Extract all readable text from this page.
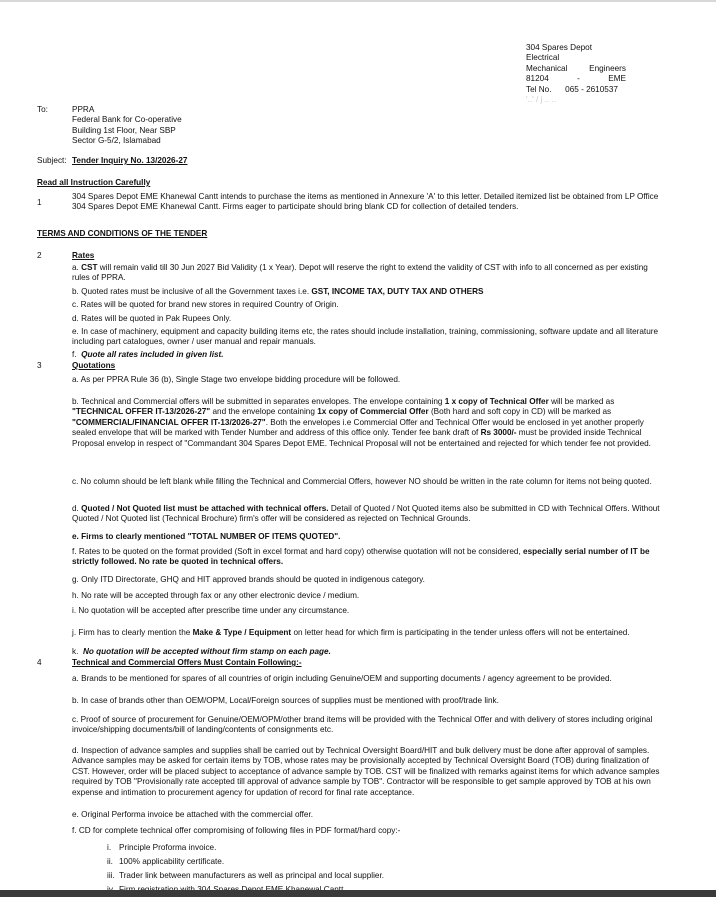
304 Spares Depot Electrical
Mechanical	Engineers
81204	-	EME
Tel No. 065 - 2610537
'..' / j .. ..
To:	PPRA
Federal Bank for Co-operative
Building 1st Floor, Near SBP
Sector G-5/2, Islamabad
Subject: Tender Inquiry No. 13/2026-27
Read all Instruction Carefully
1
304 Spares Depot EME Khanewal Cantt intends to purchase the items as mentioned in Annexure 'A' to this letter. Detailed itemized list be obtained from LP Office 304 Spares Depot EME Khanewal Cantt. Firms eager to participate should bring blank CD for collection of detailed tenders.
TERMS AND CONDITIONS OF THE TENDER
2	Rates
a. CST will remain valid till 30 Jun 2027 Bid Validity (1 x Year). Depot will reserve the right to extend the validity of CST with info to all concerned as per existing rules of PPRA.
b. Quoted rates must be inclusive of all the Government taxes i.e. GST, INCOME TAX, DUTY TAX AND OTHERS
c. Rates will be quoted for brand new stores in required Country of Origin.
d. Rates will be quoted in Pak Rupees Only.
e. In case of machinery, equipment and capacity building items etc, the rates should include installation, training, commissioning, software update and all literature including part catalogues, owner / user manual and repair manuals.
f. Quote all rates included in given list.
3	Quotations
a. As per PPRA Rule 36 (b), Single Stage two envelope bidding procedure will be followed.
b. Technical and Commercial offers will be submitted in separates envelopes. The envelope containing 1 x copy of Technical Offer will be marked as "TECHNICAL OFFER IT-13/2026-27" and the envelope containing 1x copy of Commercial Offer (Both hard and soft copy in CD) will be marked as "COMMERCIAL/FINANCIAL OFFER IT-13/2026-27". Both the envelopes i.e Commercial Offer and Technical Offer would be enclosed in yet another properly sealed envelope that will be marked with Tender Number and address of this office only. Tender fee bank draft of Rs 3000/- must be provided inside Technical Proposal envelop in respect of "Commandant 304 Spares Depot EME. Technical Proposal will not be entertained and rejected for which tender fee not provided.
c. No column should be left blank while filling the Technical and Commercial Offers, however NO should be written in the rate column for items not being quoted.
d. Quoted / Not Quoted list must be attached with technical offers. Detail of Quoted / Not Quoted items also be submitted in CD with Technical Offers. Without Quoted / Not Quoted list (Technical Brochure) firm's offer will be considered as rejected on Technical Grounds.
e. Firms to clearly mentioned "TOTAL NUMBER OF ITEMS QUOTED".
f. Rates to be quoted on the format provided (Soft in excel format and hard copy) otherwise quotation will not be considered, especially serial number of IT be strictly followed. No rate be quoted in technical offers.
g. Only ITD Directorate, GHQ and HIT approved brands should be quoted in indigenous category.
h. No rate will be accepted through fax or any other electronic device / medium.
i. No quotation will be accepted after prescribe time under any circumstance.
j. Firm has to clearly mention the Make & Type / Equipment on letter head for which firm is participating in the tender unless offers will not be entertained.
k. No quotation will be accepted without firm stamp on each page.
4	Technical and Commercial Offers Must Contain Following:-
a. Brands to be mentioned for spares of all countries of origin including Genuine/OEM and supporting documents / agency agreement to be provided.
b. In case of brands other than OEM/OPM, Local/Foreign sources of supplies must be mentioned with proof/trade link.
c. Proof of source of procurement for Genuine/OEM/OPM/other brand items will be provided with the Technical Offer and with delivery of stores including original invoice/shipping documents/bill of landing/contents of consignments etc.
d. Inspection of advance samples and supplies shall be carried out by Technical Oversight Board/HIT and bulk delivery must be done after approval of samples. Advance samples may be asked for certain items by TOB, whose rates may be provisionally accepted by Technical Oversight Board (TOB) during finalization of CST. However, order will be placed subject to acceptance of advance sample by TOB. CST will be finalized with remarks against items for which advance samples required by TOB "Provisionally rate accepted till approval of advance sample by TOB". Contractor will be responsible to get sample approved by TOB at his own expense and intimation to procurement agency for updation of record for final rate acceptance.
e. Original Performa invoice be attached with the commercial offer.
f. CD for complete technical offer compromising of following files in PDF format/hard copy:-
i. Principle Proforma invoice.
ii. 100% applicability certificate.
iii. Trader link between manufacturers as well as principal and local supplier.
